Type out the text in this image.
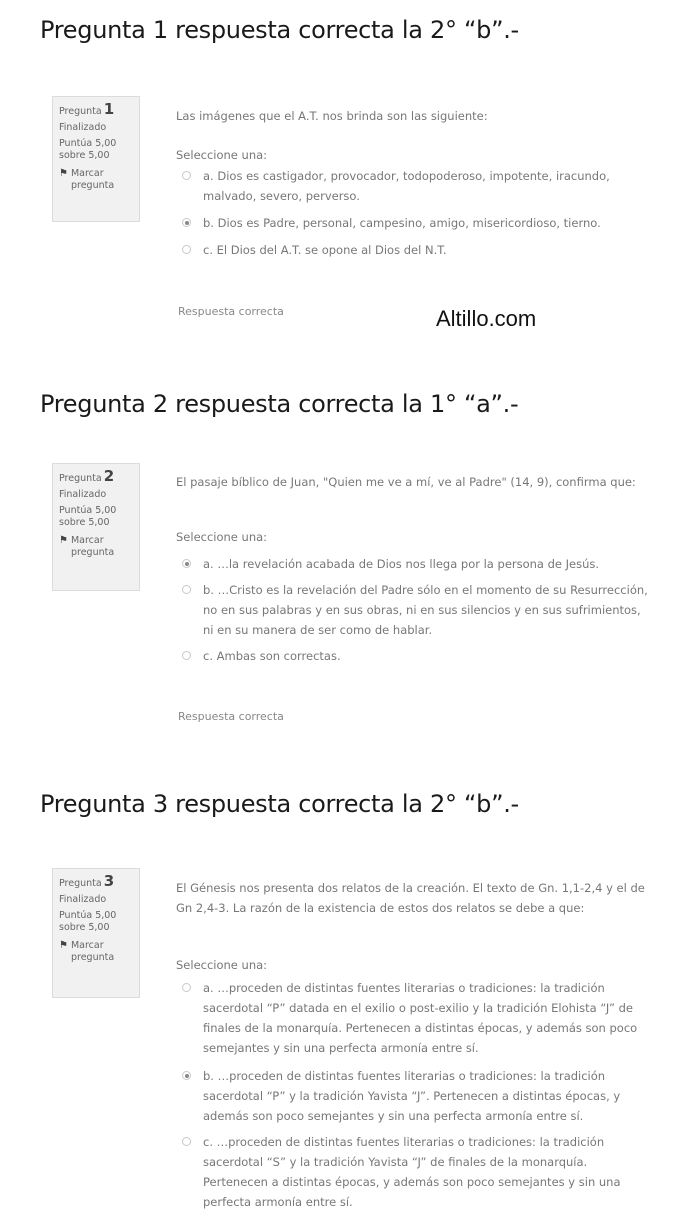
Pregunta 1 respuesta correcta la 2° “b”.-
Pregunta 1
Finalizado
Puntúa 5,00
sobre 5,00
⚑ Marcar
pregunta
Las imágenes que el A.T. nos brinda son las siguiente:
Seleccione una:
a. Dios es castigador, provocador, todopoderoso, impotente, iracundo, malvado, severo, perverso.
b. Dios es Padre, personal, campesino, amigo, misericordioso, tierno.
c. El Dios del A.T. se opone al Dios del N.T.
Respuesta correcta	Altillo.com
Pregunta 2 respuesta correcta la 1° “a”.-
Pregunta 2
Finalizado
Puntúa 5,00
sobre 5,00
⚑ Marcar
pregunta
El pasaje bíblico de Juan, "Quien me ve a mí, ve al Padre" (14, 9), confirma que:
Seleccione una:
a. …la revelación acabada de Dios nos llega por la persona de Jesús.
b. …Cristo es la revelación del Padre sólo en el momento de su Resurrección, no en sus palabras y en sus obras, ni en sus silencios y en sus sufrimientos, ni en su manera de ser como de hablar.
c. Ambas son correctas.
Respuesta correcta
Pregunta 3 respuesta correcta la 2° “b”.-
Pregunta 3
Finalizado
Puntúa 5,00
sobre 5,00
⚑ Marcar
pregunta
El Génesis nos presenta dos relatos de la creación. El texto de Gn. 1,1-2,4 y el de Gn 2,4-3. La razón de la existencia de estos dos relatos se debe a que:
Seleccione una:
a. …proceden de distintas fuentes literarias o tradiciones: la tradición sacerdotal “P” datada en el exilio o post-exilio y la tradición Elohista “J” de finales de la monarquía. Pertenecen a distintas épocas, y además son poco semejantes y sin una perfecta armonía entre sí.
b. …proceden de distintas fuentes literarias o tradiciones: la tradición sacerdotal “P” y la tradición Yavista “J”. Pertenecen a distintas épocas, y además son poco semejantes y sin una perfecta armonía entre sí.
c. …proceden de distintas fuentes literarias o tradiciones: la tradición sacerdotal “S” y la tradición Yavista “J” de finales de la monarquía. Pertenecen a distintas épocas, y además son poco semejantes y sin una perfecta armonía entre sí.
